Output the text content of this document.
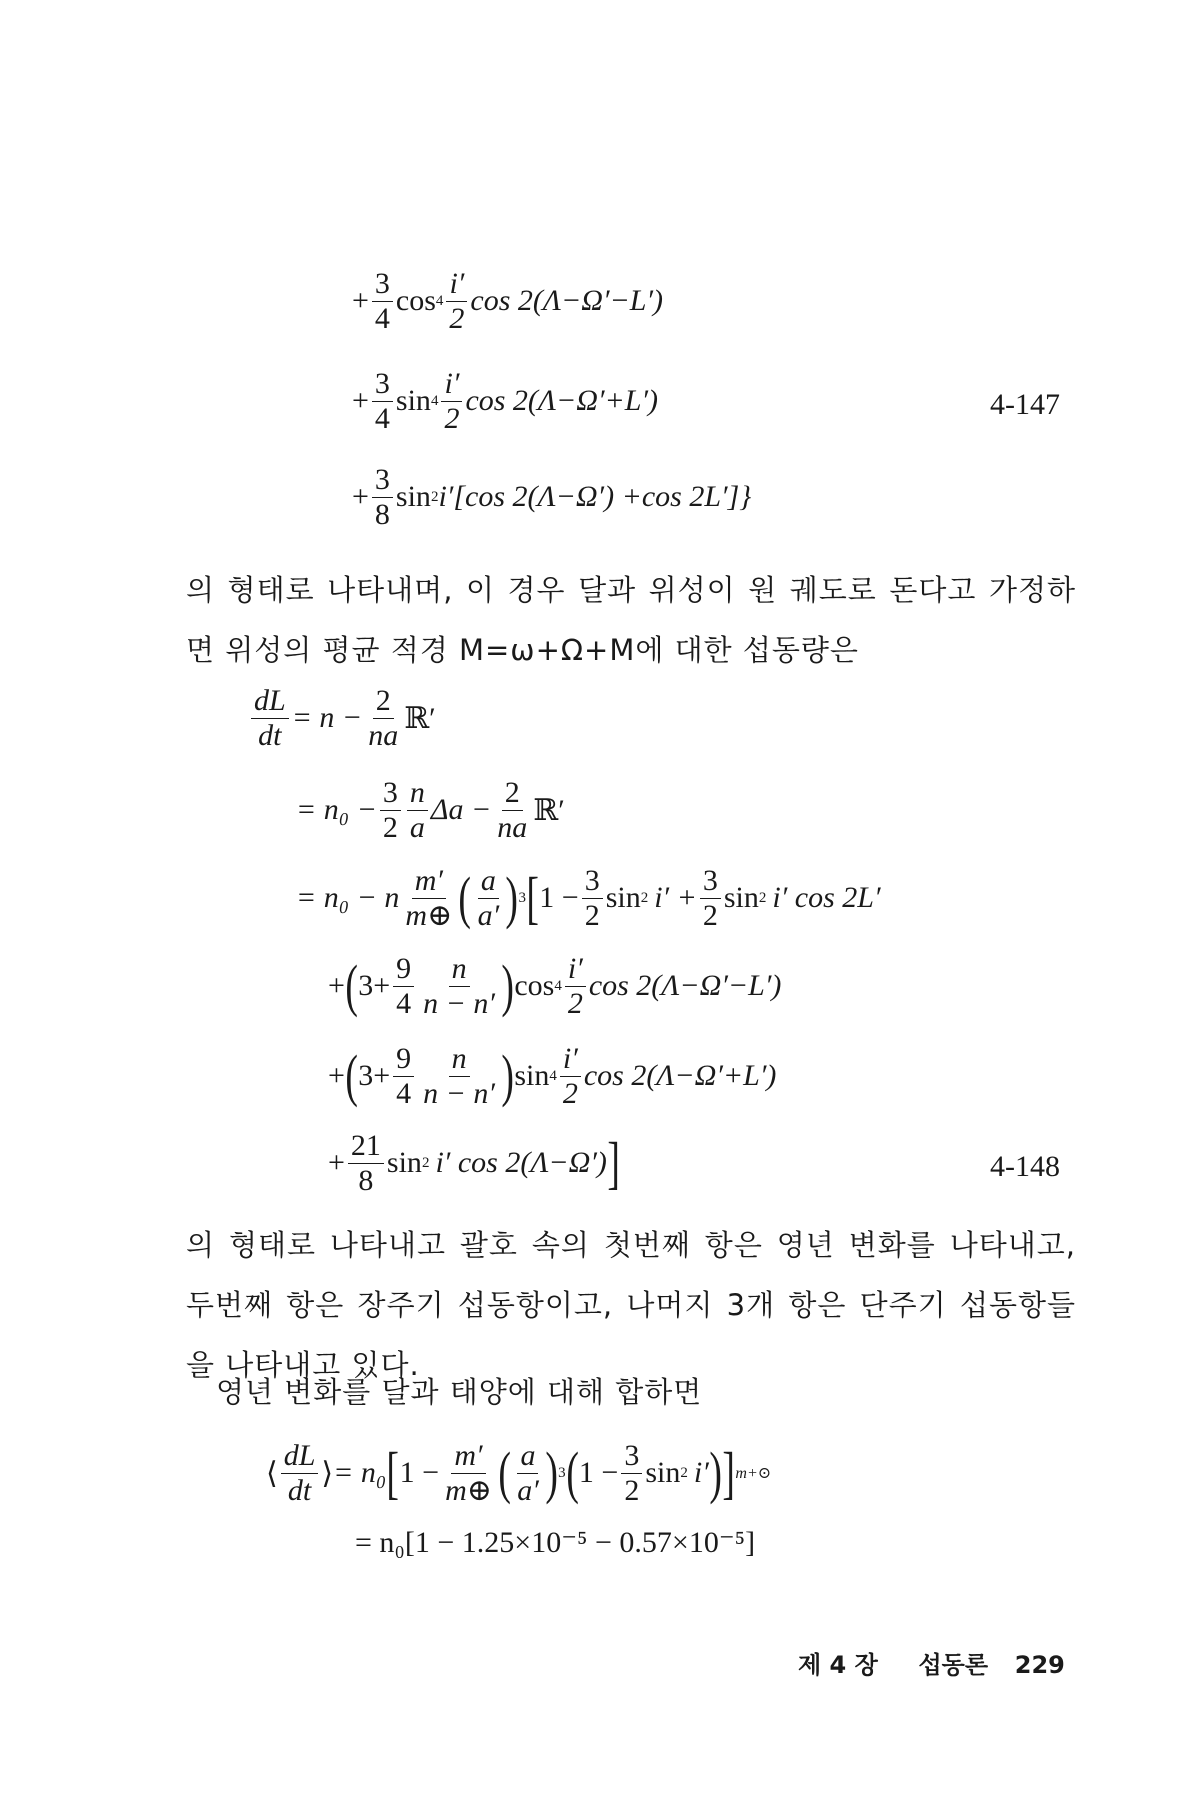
+ $\frac{3}{4}$ $\cos 4 \frac{i'}{2}$ cos 2(Λ−Ω′−L′)
+ $\frac{3}{4}$ $\sin 4 \frac{i'}{2}$ cos 2(Λ−Ω′+L′)	4-147
+ $\frac{3}{8}$ sin 2 i′[cos 2(Λ−Ω′) +cos 2L′]}
의 형태로 나타내며, 이 경우 달과 위성이 원 궤도로 돈다고 가정하면 위성의 평균 적경 M=ω+Ω+M에 대한 섭동량은
$\frac{dL}{dt} = n - \frac{2}{na}$ ℝ′
= $n_0 - \frac{3}{2} \frac{n}{a}$ $\Delta a - \frac{2}{na}$ ℝ′
= n₀ − n $\frac{m'}{m\oplus}$ ( $\frac{a}{a'}$ ) 3 [ $1 - \frac{3}{2}$ sin 2 $i' + \frac{3}{2}$ sin 2 i′ cos 2L′
+ ( $3+ \frac{9}{4} \frac{n}{n - n'}$ ) $\cos 4 \frac{i'}{2}$ cos 2(Λ−Ω′−L′)
+ ( $3+ \frac{9}{4} \frac{n}{n - n'}$ ) $\sin 4 \frac{i'}{2}$ cos 2(Λ−Ω′+L′)
+ $\frac{21}{8}$ sin 2 i′ cos 2(Λ−Ω′) ]	4-148
의 형태로 나타내고 괄호 속의 첫번째 항은 영년 변화를 나타내고, 두번째 항은 장주기 섭동항이고, 나머지 3개 항은 단주기 섭동항들을 나타내고 있다.
영년 변화를 달과 태양에 대해 합하면
⟨ $\frac{dL}{dt}$ ⟩ = n₀ [ $1 - \frac{m'}{m\oplus}$ ( $\frac{a}{a'}$ ) 3 ( $1 - \frac{3}{2}$ sin 2 i′ ) ] m+⊙
= n₀[1 − 1.25×10⁻⁵ − 0.57×10⁻⁵]
제 4 장 섭동론 229
